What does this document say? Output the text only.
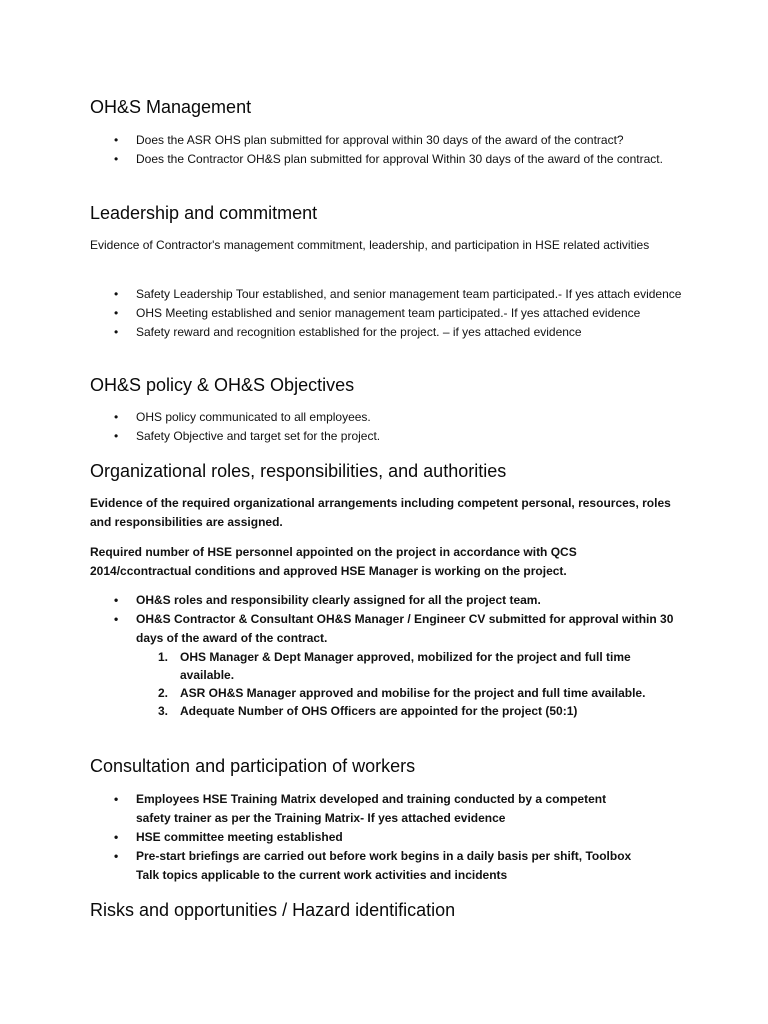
OH&S Management
•	Does the ASR OHS plan submitted for approval within 30 days of the award of the contract?
•	Does the Contractor OH&S plan submitted for approval Within 30 days of the award of the contract.
Leadership and commitment

Evidence of Contractor's management commitment, leadership, and participation in HSE related activities

•	Safety Leadership Tour established, and senior management team participated.- If yes attach evidence
•	OHS Meeting established and senior management team participated.- If yes attached evidence
•	Safety reward and recognition established for the project. – if yes attached evidence
OH&S policy & OH&S Objectives
•	OHS policy communicated to all employees.
•	Safety Objective and target set for the project.
Organizational roles, responsibilities, and authorities

Evidence of the required organizational arrangements including competent personal, resources, roles and responsibilities are assigned.

Required number of HSE personnel appointed on the project in accordance with QCS 2014/ccontractual conditions and approved HSE Manager is working on the project.

•	OH&S roles and responsibility clearly assigned for all the project team.
•	OH&S Contractor & Consultant OH&S Manager / Engineer CV submitted for approval within 30 days of the award of the contract.
1. OHS Manager & Dept Manager approved, mobilized for the project and full time available.
2. ASR OH&S Manager approved and mobilise for the project and full time available.
3. Adequate Number of OHS Officers are appointed for the project (50:1)
Consultation and participation of workers
•	Employees HSE Training Matrix developed and training conducted by a competent safety trainer as per the Training Matrix- If yes attached evidence
•	HSE committee meeting established
•	Pre-start briefings are carried out before work begins in a daily basis per shift, Toolbox Talk topics applicable to the current work activities and incidents
Risks and opportunities / Hazard identification
